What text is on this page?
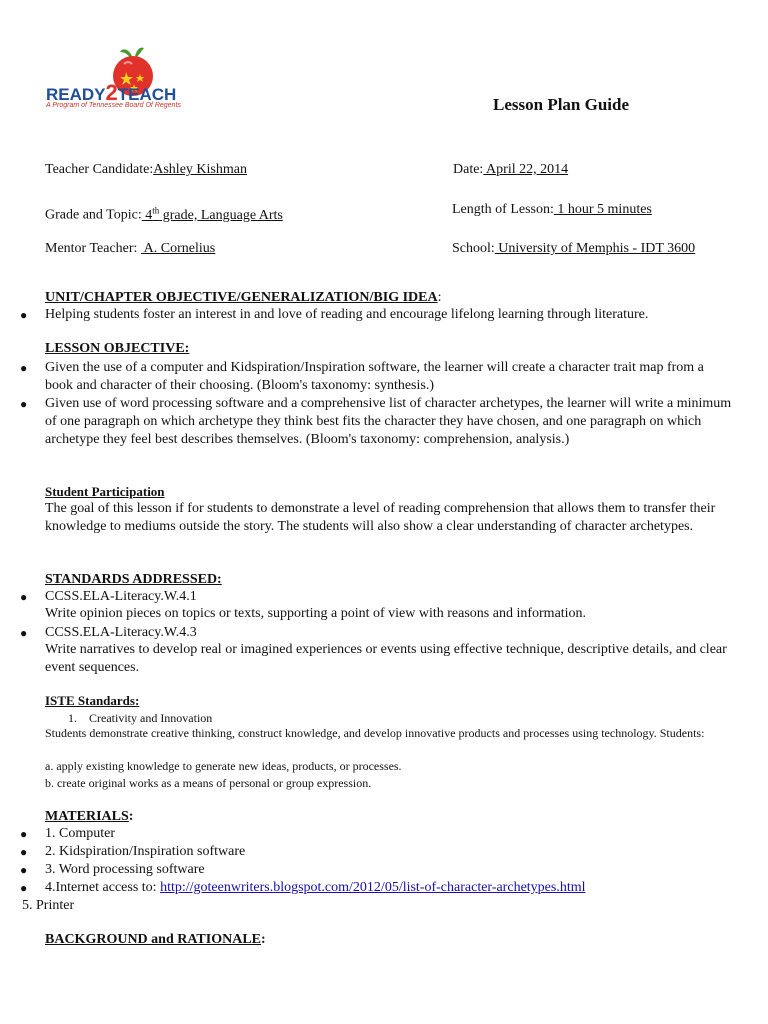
READY2TEACH
A Program of Tennessee Board Of Regents	Lesson Plan Guide
Teacher Candidate:Ashley Kishman	Date: April 22, 2014
Grade and Topic: 4th grade, Language Arts	Length of Lesson: 1 hour 5 minutes
Mentor Teacher:  A. Cornelius	School: University of Memphis - IDT 3600
UNIT/CHAPTER OBJECTIVE/GENERALIZATION/BIG IDEA:
● Helping students foster an interest in and love of reading and encourage lifelong learning through literature.
LESSON OBJECTIVE:
● Given the use of a computer and Kidspiration/Inspiration software, the learner will create a character trait map from a book and character of their choosing. (Bloom's taxonomy: synthesis.)
● Given use of word processing software and a comprehensive list of character archetypes, the learner will write a minimum of one paragraph on which archetype they think best fits the character they have chosen, and one paragraph on which archetype they feel best describes themselves. (Bloom's taxonomy: comprehension, analysis.)
Student Participation
The goal of this lesson if for students to demonstrate a level of reading comprehension that allows them to transfer their knowledge to mediums outside the story. The students will also show a clear understanding of character archetypes.
STANDARDS ADDRESSED:
● CCSS.ELA-Literacy.W.4.1
Write opinion pieces on topics or texts, supporting a point of view with reasons and information.
● CCSS.ELA-Literacy.W.4.3
Write narratives to develop real or imagined experiences or events using effective technique, descriptive details, and clear event sequences.
ISTE Standards:
1.    Creativity and Innovation
Students demonstrate creative thinking, construct knowledge, and develop innovative products and processes using technology. Students:
a. apply existing knowledge to generate new ideas, products, or processes.
b. create original works as a means of personal or group expression.
MATERIALS:
● 1. Computer
● 2. Kidspiration/Inspiration software
● 3. Word processing software
● 4.Internet access to: http://goteenwriters.blogspot.com/2012/05/list-of-character-archetypes.html
5. Printer
BACKGROUND and RATIONALE:
